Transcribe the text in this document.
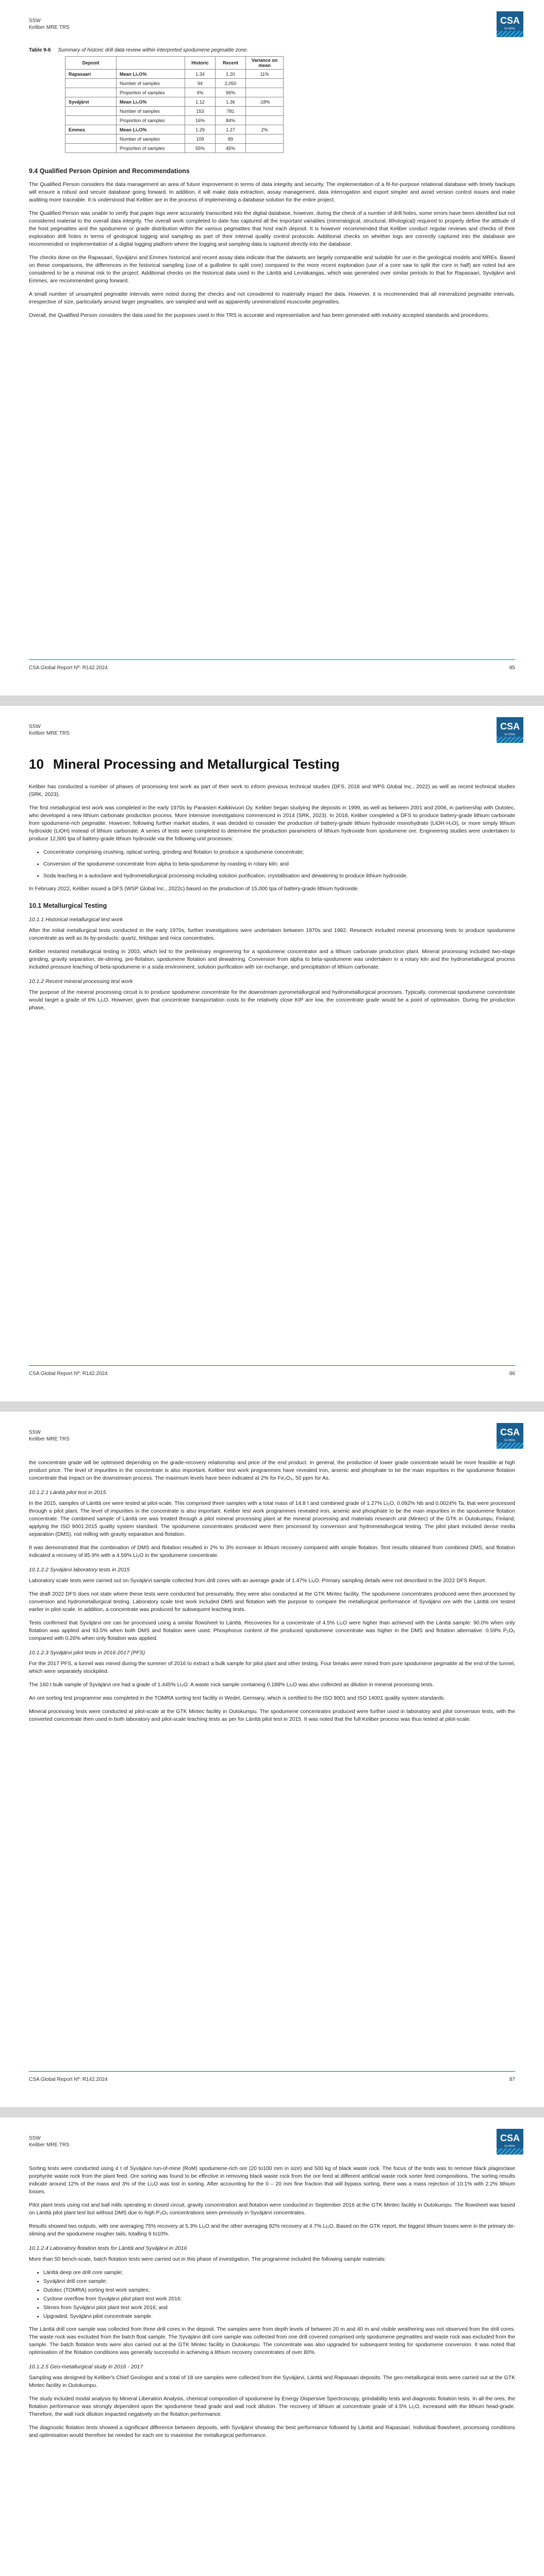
SSW
Keliber MRE TRS
CSA
GLOBAL
Table 9-6 Summary of historic drill data review within interpreted spodumene pegmatite zone.
Deposit		Historic	Recent	Variance on mean
Rapasaari	Mean Li₂O%	1.34	1.20	11%
	Number of samples	94	2,050	
	Proportion of samples	4%	96%	
Syväjärvi	Mean Li₂O%	1.12	1.36	-18%
	Number of samples	153	781	
	Proportion of samples	16%	84%	
Emmes	Mean Li₂O%	1.29	1.27	2%
	Number of samples	109	89	
	Proportion of samples	55%	45%	
9.4 Qualified Person Opinion and Recommendations

The Qualified Person considers the data management an area of future improvement in terms of data integrity and security. The implementation of a fit-for-purpose relational database with timely backups will ensure a robust and secure database going forward. In addition, it will make data extraction, assay management, data interrogation and export simpler and avoid version control issues and make auditing more traceable. It is understood that Keliber are in the process of implementing a database solution for the entire project.

The Qualified Person was unable to verify that paper logs were accurately transcribed into the digital database, however, during the check of a number of drill holes, some errors have been identified but not considered material to the overall data integrity. The overall work completed to date has captured all the important variables (mineralogical, structural, lithological) required to properly define the attitude of the host pegmatites and the spodumene or grade distribution within the various pegmatites that host each deposit. It is however recommended that Keliber conduct regular reviews and checks of their exploration drill holes in terms of geological logging and sampling as part of their internal quality control protocols. Additional checks on whether logs are correctly captured into the database are recommended or implementation of a digital logging platform where the logging and sampling data is captured directly into the database.

The checks done on the Rapasaari, Syväjärvi and Emmes historical and recent assay data indicate that the datasets are largely comparable and suitable for use in the geological models and MREs. Based on these comparisons, the differences in the historical sampling (use of a guillotine to split core) compared to the more recent exploration (use of a core saw to split the core in half) are noted but are considered to be a minimal risk to the project. Additional checks on the historical data used in the Länttä and Leviäkangas, which was generated over similar periods to that for Rapasaari, Syväjärvi and Emmes, are recommended going forward.

A small number of unsampled pegmatite intervals were noted during the checks and not considered to materially impact the data. However, it is recommended that all mineralized pegmatite intervals, irrespective of size, particularly around larger pegmatites, are sampled and well as apparently unmineralized muscovite pegmatites.

Overall, the Qualified Person considers the data used for the purposes used in this TRS is accurate and representative and has been generated with industry accepted standards and procedures.

CSA Global Report Nº: R142.2024	85
SSW
Keliber MRE TRS
CSA
GLOBAL
10 Mineral Processing and Metallurgical Testing

Keliber has conducted a number of phases of processing test work as part of their work to inform previous technical studies (DFS, 2018 and WPS Global Inc., 2022) as well as recent technical studies (SRK, 2023).

The first metallurgical test work was completed in the early 1970s by Paraisten Kalkkivuori Oy. Keliber began studying the deposits in 1999, as well as between 2001 and 2006, in partnership with Outotec, who developed a new lithium carbonate production process. More intensive investigations commenced in 2014 (SRK, 2023). In 2018, Keliber completed a DFS to produce battery-grade lithium carbonate from spodumene-rich pegmatite. However, following further market studies, it was decided to consider the production of battery-grade lithium hydroxide monohydrate (LiOH·H₂O), or more simply lithium hydroxide (LiOH) instead of lithium carbonate. A series of tests were completed to determine the production parameters of lithium hydroxide from spodumene ore. Engineering studies were undertaken to produce 12,500 tpa of battery-grade lithium hydroxide via the following unit processes:

• Concentrator comprising crushing, optical sorting, grinding and flotation to produce a spodumene concentrate;
• Conversion of the spodumene concentrate from alpha to beta-spodumene by roasting in rotary kiln; and
• Soda leaching in a autoclave and hydrometallurgical processing including solution purification, crystallisation and dewatering to produce lithium hydroxide.

In February 2022, Keliber issued a DFS (WSP Global Inc., 2022c) based on the production of 15,000 tpa of battery-grade lithium hydroxide.

10.1 Metallurgical Testing
10.1.1 Historical metallurgical test work

After the initial metallurgical tests conducted in the early 1970s, further investigations were undertaken between 1970s and 1982. Research included mineral processing tests to produce spodumene concentrate as well as its by-products: quartz, feldspar and mica concentrates.

Keliber restarted metallurgical testing in 2003, which led to the preliminary engineering for a spodumene concentrator and a lithium carbonate production plant. Mineral processing included two-stage grinding, gravity separation, de-sliming, pre-flotation, spodumene flotation and dewatering. Conversion from alpha to beta-spodumene was undertaken in a rotary kiln and the hydrometallurgical process included pressure leaching of beta-spodumene in a soda environment, solution purification with ion exchange, and precipitation of lithium carbonate.

10.1.2 Recent mineral processing test work

The purpose of the mineral processing circuit is to produce spodumene concentrate for the downstream pyrometallurgical and hydrometallurgical processes. Typically, commercial spodumene concentrate would target a grade of 6% Li₂O. However, given that concentrate transportation costs to the relatively close KIP are low, the concentrate grade would be a point of optimisation. During the production phase,

CSA Global Report Nº: R142.2024	86
SSW
Keliber MRE TRS
CSA
GLOBAL

the concentrate grade will be optimised depending on the grade-recovery relationship and price of the end product. In general, the production of lower grade concentrate would be more feasible at high product price. The level of impurities in the concentrate is also important. Keliber test work programmes have revealed iron, arsenic and phosphate to be the main impurities in the spodumene flotation concentrate that impact on the downstream process. The maximum levels have been indicated at 2% for Fe₂O₃, 50 ppm for As.

10.1.2.1 Länttä pilot test in 2015

In the 2015, samples of Länttä ore were tested at pilot-scale. This comprised three samples with a total mass of 14.8 t and combined grade of 1.27% Li₂O, 0.092% Nb and 0.0024% Ta, that were processed through a pilot plant. The level of impurities in the concentrate is also important. Keliber test work programmes revealed iron, arsenic and phosphate to be the main impurities in the spodumene flotation concentrate. The combined sample of Länttä ore was treated through a pilot mineral processing plant at the mineral processing and materials research unit (Mintec) of the GTK in Outokumpu, Finland, applying the ISO 9001:2015 quality system standard. The spodumene concentrates produced were then processed by conversion and hydrometallurgical testing. The pilot plant included dense media separation (DMS), rod milling with gravity separation and flotation.

It was demonstrated that the combination of DMS and flotation resulted in 2% to 3% increase in lithium recovery compared with simple flotation. Test results obtained from combined DMS, and flotation indicated a recovery of 85.9% with a 4.59% Li₂O in the spodumene concentrate.

10.1.2.2 Syväjärvi laboratory tests in 2015

Laboratory scale tests were carried out on Syväjärvi sample collected from drill cores with an average grade of 1.47% Li₂O. Primary sampling details were not described in the 2022 DFS Report.

The draft 2022 DFS does not state where these tests were conducted but presumably, they were also conducted at the GTK Mintec facility. The spodumene concentrates produced were then processed by conversion and hydrometallurgical testing. Laboratory scale test work included DMS and flotation with the purpose to compare the metallurgical performance of Syväjärvi ore with the Länttä ore tested earlier in pilot-scale. In addition, a concentrate was produced for subsequent leaching tests.

Tests confirmed that Syväjärvi ore can be processed using a similar flowsheet to Länttä. Recoveries for a concentrate of 4.5% Li₂O were higher than achieved with the Länttä sample: 90.0% when only flotation was applied and 93.5% when both DMS and flotation were used. Phosphorus content of the produced spodumene concentrate was higher in the DMS and flotation alternative: 0.59% P₂O₅ compared with 0.26% when only flotation was applied.

10.1.2.3 Syväjärvi pilot tests in 2016-2017 (PFS)

For the 2017 PFS, a tunnel was mined during the summer of 2016 to extract a bulk sample for pilot plant and other testing. Four breaks were mined from pure spodumene pegmatite at the end of the tunnel, which were separately stockpiled.

The 160 t bulk sample of Syväjärvi ore had a grade of 1.445% Li₂O. A waste rock sample containing 0.188% Li₂O was also collected as dilution in mineral processing tests.

An ore sorting test programme was completed in the TOMRA sorting test facility in Wedel, Germany, which is certified to the ISO 9001 and ISO 14001 quality system standards.

Mineral processing tests were conducted at pilot-scale at the GTK Mintec facility in Outokumpu. The spodumene concentrates produced were further used in laboratory and pilot conversion tests, with the converted concentrate then used in both laboratory and pilot-scale leaching tests as per for Länttä pilot test in 2015. It was noted that the full Keliber process was thus tested at pilot-scale.

CSA Global Report Nº: R142.2024	87
SSW
Keliber MRE TRS
CSA
GLOBAL

Sorting tests were conducted using 4 t of Syväjärvi run-of-mine (RoM) spodumene-rich ore (20 to100 mm in size) and 500 kg of black waste rock. The focus of the tests was to remove black plagioclase porphyrite waste rock from the plant feed. Ore sorting was found to be effective in removing black waste rock from the ore feed at different artificial waste rock sorter feed compositions. The sorting results indicate around 12% of the mass and 3% of the Li₂O was lost in sorting. After accounting for the 0 – 20 mm fine fraction that will bypass sorting, there was a mass rejection of 10.1% with 2.2% lithium losses.

Pilot plant tests using rod and ball mills operating in closed circuit, gravity concentration and flotation were conducted in September 2016 at the GTK Mintec facility in Outokumpu. The flowsheet was based on Länttä pilot plant test but without DMS due to high P₂O₅ concentrations seen previously in Syväjärvi concentrates.

Results showed two outputs, with one averaging 75% recovery at 5.3% Li₂O and the other averaging 82% recovery at 4.7% Li₂O. Based on the GTK report, the biggest lithium losses were in the primary de-sliming and the spodumene rougher tails, totalling 9 to10%.

10.1.2.4 Laboratory flotation tests for Länttä and Syväjärvi in 2016

More than 50 bench-scale, batch flotation tests were carried out in this phase of investigation. The programme included the following sample materials:

• Länttä deep ore drill core sample;
• Syväjärvi drill core sample;
• Outotec (TOMRA) sorting test work samples;
• Cyclone overflow from Syväjärvi pilot plant test work 2016;
• Slimes from Syväjärvi pilot plant test work 2016; and
• Upgraded, Syväjärvi pilot concentrate sample.

The Länttä drill core sample was collected from three drill cores in the deposit. The samples were from depth levels of between 20 m and 40 m and visible weathering was not observed from the drill cores. The waste rock was excluded from the batch float sample. The Syväjärvi drill core sample was collected from one drill covered comprised only spodumene pegmatites and waste rock was excluded from the sample. The batch flotation tests were also carried out at the GTK Mintec facility in Outokumpu. The concentrate was also upgraded for subsequent testing for spodumene conversion. It was noted that optimisation of the flotation conditions was generally successful in achieving a lithium recovery concentrates of over 80%.

10.1.2.5 Geo-metallurgical study in 2016 - 2017

Sampling was designed by Keliber's Chief Geologist and a total of 18 ore samples were collected from the Syväjärvi, Länttä and Rapasaari deposits. The geo-metallurgical tests were carried out at the GTK Mintec facility in Outokumpu.

The study included modal analysis by Mineral Liberation Analysis, chemical composition of spodumene by Energy Dispersive Spectroscopy, grindability tests and diagnostic flotation tests. In all the ores, the flotation performance was strongly dependent upon the spodumene head grade and wall rock dilution. The recovery of lithium at concentrate grade of 4.5% Li₂O, increased with the lithium head-grade. Therefore, the wall rock dilution impacted negatively on the flotation performance.

The diagnostic flotation tests showed a significant difference between deposits, with Syväjärvi showing the best performance followed by Länttä and Rapasaari. Individual flowsheet, processing conditions and optimisation would therefore be needed for each ore to maximise the metallurgical performance.
